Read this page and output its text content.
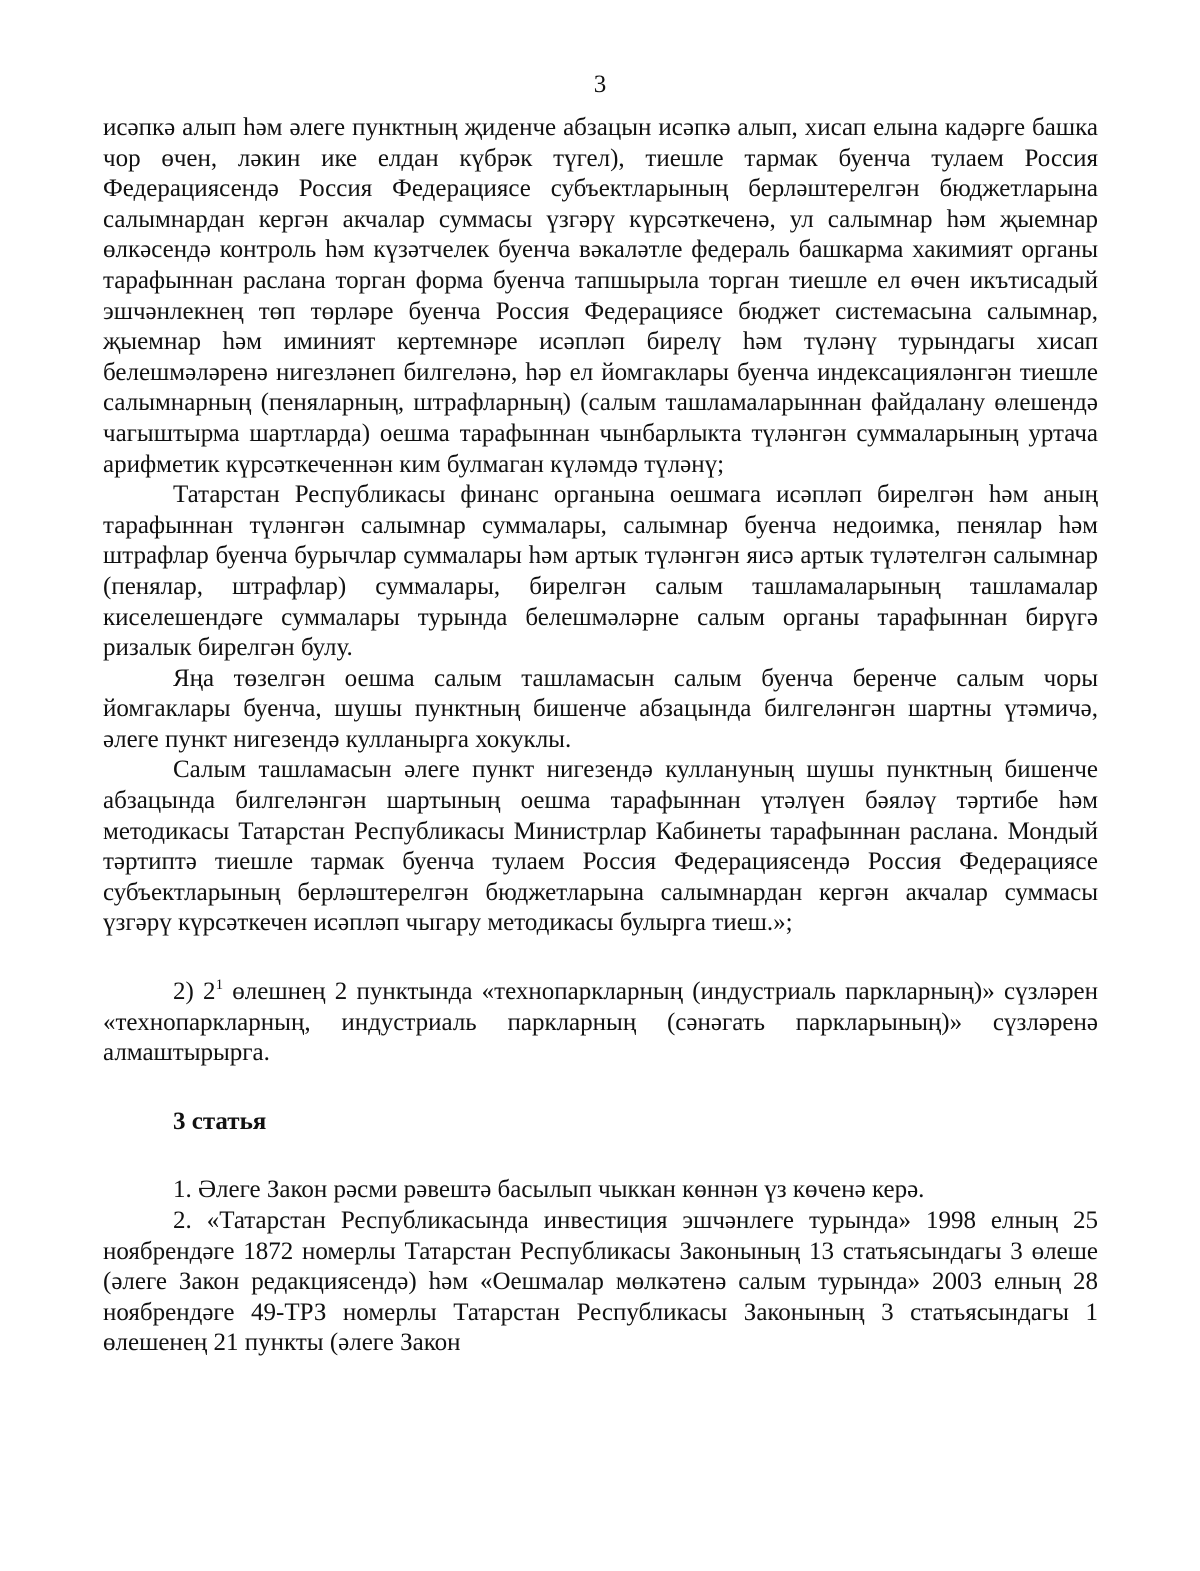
3

исәпкә алып һәм әлеге пунктның җиденче абзацын исәпкә алып, хисап елына кадәрге башка чор өчен, ләкин ике елдан күбрәк түгел), тиешле тармак буенча тулаем Россия Федерациясендә Россия Федерациясе субъектларының берләштерелгән бюджетларына салымнардан кергән акчалар суммасы үзгәрү күрсәткеченә, ул салымнар һәм җыемнар өлкәсендә контроль һәм күзәтчелек буенча вәкаләтле федераль башкарма хакимият органы тарафыннан раслана торган форма буенча тапшырыла торган тиешле ел өчен икътисадый эшчәнлекнең төп төрләре буенча Россия Федерациясе бюджет системасына салымнар, җыемнар һәм иминият кертемнәре исәпләп бирелү һәм түләнү турындагы хисап белешмәләренә нигезләнеп билгеләнә, һәр ел йомгаклары буенча индексацияләнгән тиешле салымнарның (пеняларның, штрафларның) (салым ташламаларыннан файдалану өлешендә чагыштырма шартларда) оешма тарафыннан чынбарлыкта түләнгән суммаларының уртача арифметик күрсәткеченнән ким булмаган күләмдә түләнү;

Татарстан Республикасы финанс органына оешмага исәпләп бирелгән һәм аның тарафыннан түләнгән салымнар суммалары, салымнар буенча недоимка, пенялар һәм штрафлар буенча бурычлар суммалары һәм артык түләнгән яисә артык түләтелгән салымнар (пенялар, штрафлар) суммалары, бирелгән салым ташламаларының ташламалар киселешендәге суммалары турында белешмәләрне салым органы тарафыннан бирүгә ризалык бирелгән булу.

Яңа төзелгән оешма салым ташламасын салым буенча беренче салым чоры йомгаклары буенча, шушы пунктның бишенче абзацында билгеләнгән шартны үтәмичә, әлеге пункт нигезендә кулланырга хокуклы.

Салым ташламасын әлеге пункт нигезендә куллануның шушы пунктның бишенче абзацында билгеләнгән шартының оешма тарафыннан үтәлүен бәяләү тәртибе һәм методикасы Татарстан Республикасы Министрлар Кабинеты тарафыннан раслана. Мондый тәртиптә тиешле тармак буенча тулаем Россия Федерациясендә Россия Федерациясе субъектларының берләштерелгән бюджетларына салымнардан кергән акчалар суммасы үзгәрү күрсәткечен исәпләп чыгару методикасы булырга тиеш.»;

2) $2^1$ өлешнең 2 пунктында «технопаркларның (индустриаль паркларның)» сүзләрен «технопаркларның, индустриаль паркларның (сәнәгать паркларының)» сүзләренә алмаштырырга.

3 статья

1. Әлеге Закон рәсми рәвештә басылып чыккан көннән үз көченә керә.

2. «Татарстан Республикасында инвестиция эшчәнлеге турында» 1998 елның 25 ноябрендәге 1872 номерлы Татарстан Республикасы Законының 13 статьясындагы 3 өлеше (әлеге Закон редакциясендә) һәм «Оешмалар мөлкәтенә салым турында» 2003 елның 28 ноябрендәге 49-ТРЗ номерлы Татарстан Республикасы Законының 3 статьясындагы 1 өлешенең 21 пункты (әлеге Закон
